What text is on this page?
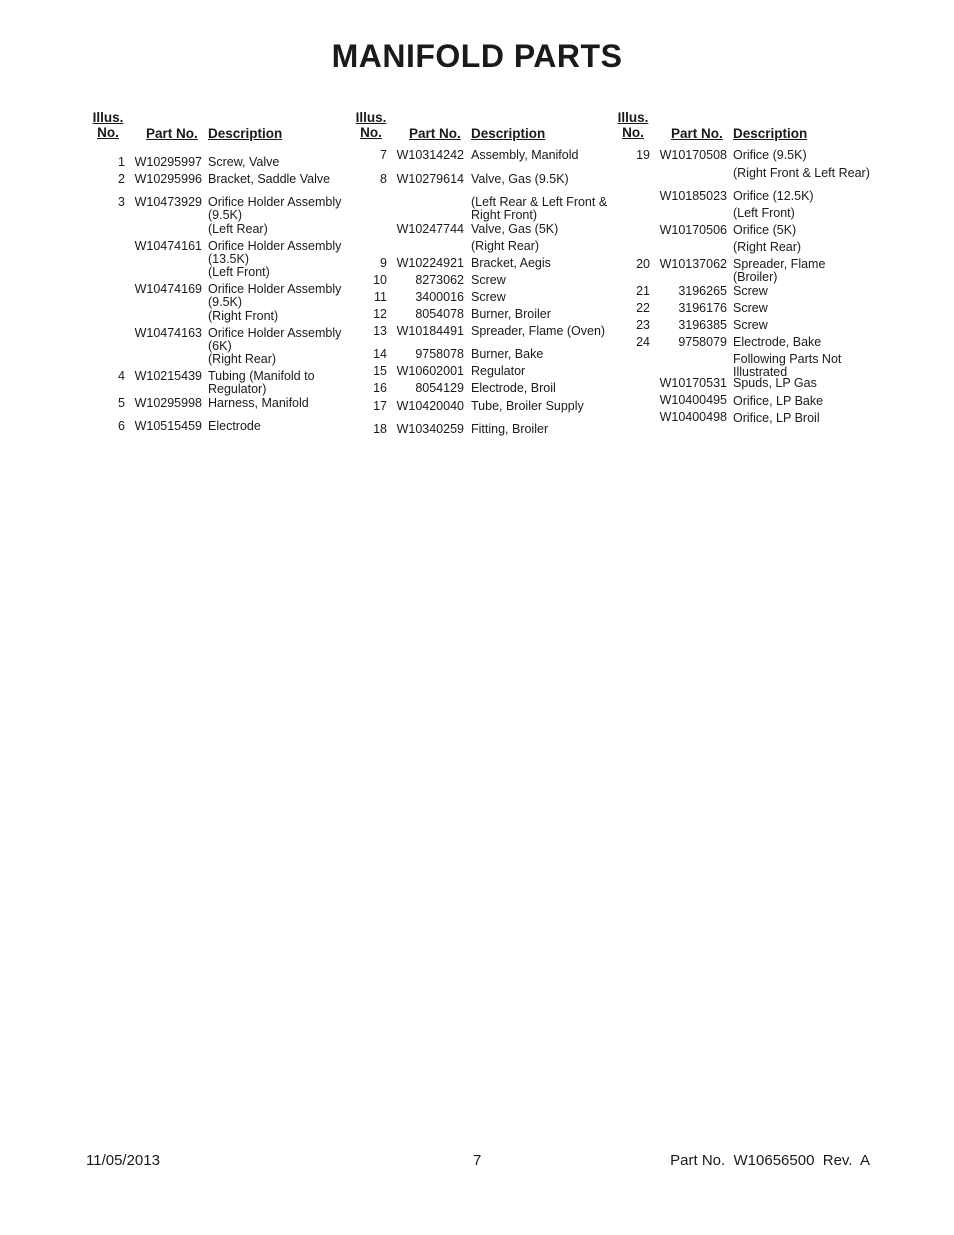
MANIFOLD PARTS
Illus.
No.	Part No. Description
1 W10295997 Screw, Valve
2 W10295996 Bracket, Saddle Valve
3 W10473929 Orifice Holder Assembly (9.5K)
(Left Rear)
W10474161 Orifice Holder Assembly (13.5K)
(Left Front)
W10474169 Orifice Holder Assembly (9.5K)
(Right Front)
W10474163 Orifice Holder Assembly (6K)
(Right Rear)
4 W10215439 Tubing (Manifold to Regulator)
5 W10295998 Harness, Manifold
6 W10515459 Electrode
Illus.
No.	Part No. Description
7 W10314242 Assembly, Manifold
8 W10279614 Valve, Gas (9.5K)
(Left Rear & Left Front & Right Front)
W10247744 Valve, Gas (5K)
(Right Rear)
9 W10224921 Bracket, Aegis
10	8273062 Screw
11	3400016 Screw
12	8054078 Burner, Broiler
13 W10184491 Spreader, Flame (Oven)
14	9758078 Burner, Bake
15 W10602001 Regulator
16	8054129 Electrode, Broil
17 W10420040 Tube, Broiler Supply
18 W10340259 Fitting, Broiler
Illus.
No.	Part No. Description
19 W10170508 Orifice (9.5K)
(Right Front & Left Rear)
W10185023 Orifice (12.5K)
(Left Front)
W10170506 Orifice (5K)
(Right Rear)
20 W10137062 Spreader, Flame (Broiler)
21	3196265 Screw
22	3196176 Screw
23	3196385 Screw
24	9758079 Electrode, Bake
Following Parts Not Illustrated
W10170531 Spuds, LP Gas
W10400495 Orifice, LP Bake
W10400498 Orifice, LP Broil
11/05/2013	7	Part No.  W10656500  Rev.  A
